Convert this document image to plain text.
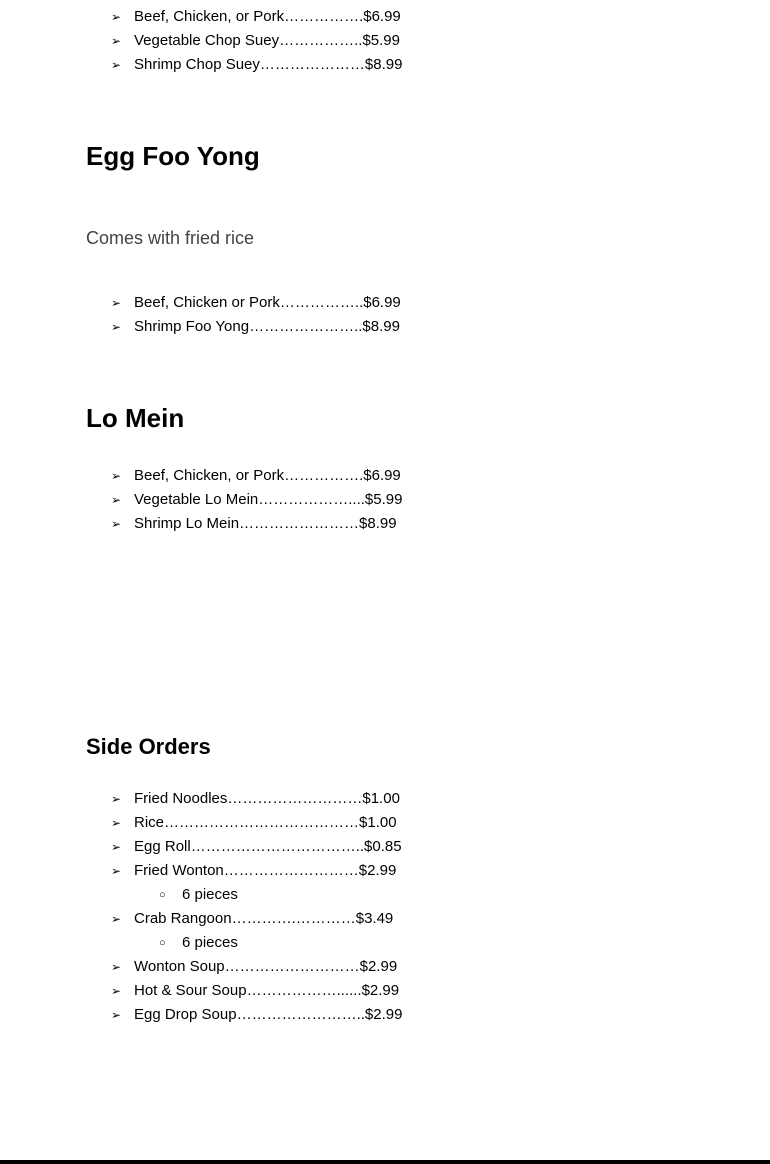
➢ Beef, Chicken, or Pork…………….$6.99
➢ Vegetable Chop Suey……………..$5.99
➢ Shrimp Chop Suey…………………$8.99
Egg Foo Yong

Comes with fried rice

➢ Beef, Chicken or Pork……………..$6.99
➢ Shrimp Foo Yong…………………..$8.99
Lo Mein
➢ Beef, Chicken, or Pork…………….$6.99
➢ Vegetable Lo Mein………………....$5.99
➢ Shrimp Lo Mein……………………$8.99
Side Orders
➢ Fried Noodles………………………$1.00
➢ Rice…………………………………$1.00
➢ Egg Roll……………………………..$0.85
➢ Fried Wonton………………………$2.99
○ 6 pieces
➢ Crab Rangoon………….…………$3.49
○ 6 pieces
➢ Wonton Soup………………………$2.99
➢ Hot & Sour Soup………………......$2.99
➢ Egg Drop Soup……………………..$2.99
